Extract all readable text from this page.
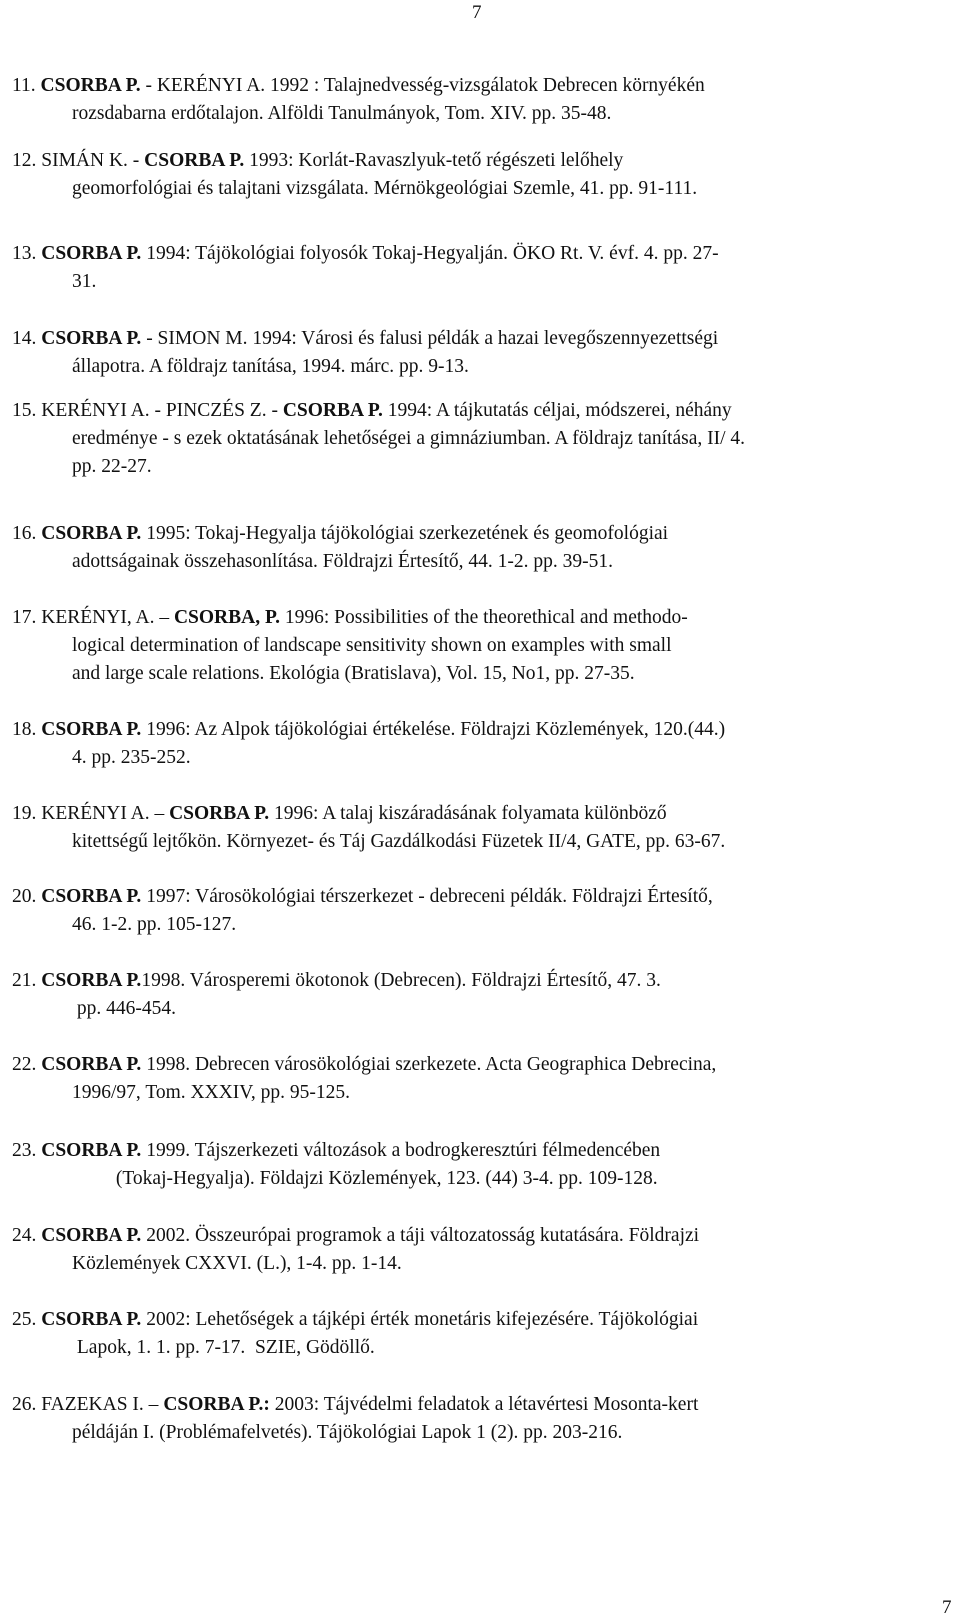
7
11. CSORBA P. - KERÉNYI A. 1992 : Talajnedvesség-vizsgálatok Debrecen környékén
rozsdabarna erdőtalajon. Alföldi Tanulmányok, Tom. XIV. pp. 35-48.
12. SIMÁN K. - CSORBA P. 1993: Korlát-Ravaszlyuk-tető régészeti lelőhely
geomorfológiai és talajtani vizsgálata. Mérnökgeológiai Szemle, 41. pp. 91-111.
13. CSORBA P. 1994: Tájökológiai folyosók Tokaj-Hegyalján. ÖKO Rt. V. évf. 4. pp. 27-
31.
14. CSORBA P. - SIMON M. 1994: Városi és falusi példák a hazai levegőszennyezettségi
állapotra. A földrajz tanítása, 1994. márc. pp. 9-13.
15. KERÉNYI A. - PINCZÉS Z. - CSORBA P. 1994: A tájkutatás céljai, módszerei, néhány
eredménye - s ezek oktatásának lehetőségei a gimnáziumban. A földrajz tanítása, II/ 4.
pp. 22-27.
16. CSORBA P. 1995: Tokaj-Hegyalja tájökológiai szerkezetének és geomofológiai
adottságainak összehasonlítása. Földrajzi Értesítő, 44. 1-2. pp. 39-51.
17. KERÉNYI, A. – CSORBA, P. 1996: Possibilities of the theorethical and methodo-
logical determination of landscape sensitivity shown on examples with small
and large scale relations. Ekológia (Bratislava), Vol. 15, No1, pp. 27-35.
18. CSORBA P. 1996: Az Alpok tájökológiai értékelése. Földrajzi Közlemények, 120.(44.)
4. pp. 235-252.
19. KERÉNYI A. – CSORBA P. 1996: A talaj kiszáradásának folyamata különböző
kitettségű lejtőkön. Környezet- és Táj Gazdálkodási Füzetek II/4, GATE, pp. 63-67.
20. CSORBA P. 1997: Városökológiai térszerkezet - debreceni példák. Földrajzi Értesítő,
46. 1-2. pp. 105-127.
21. CSORBA P.1998. Városperemi ökotonok (Debrecen). Földrajzi Értesítő, 47. 3.
pp. 446-454.
22. CSORBA P. 1998. Debrecen városökológiai szerkezete. Acta Geographica Debrecina,
1996/97, Tom. XXXIV, pp. 95-125.
23. CSORBA P. 1999. Tájszerkezeti változások a bodrogkeresztúri félmedencében
(Tokaj-Hegyalja). Földajzi Közlemények, 123. (44) 3-4. pp. 109-128.
24. CSORBA P. 2002. Összeurópai programok a táji változatosság kutatására. Földrajzi
Közlemények CXXVI. (L.), 1-4. pp. 1-14.
25. CSORBA P. 2002: Lehetőségek a tájképi érték monetáris kifejezésére. Tájökológiai
Lapok, 1. 1. pp. 7-17.  SZIE, Gödöllő.
26. FAZEKAS I. – CSORBA P.: 2003: Tájvédelmi feladatok a létavértesi Mosonta-kert
példáján I. (Problémafelvetés). Tájökológiai Lapok 1 (2). pp. 203-216.
7
